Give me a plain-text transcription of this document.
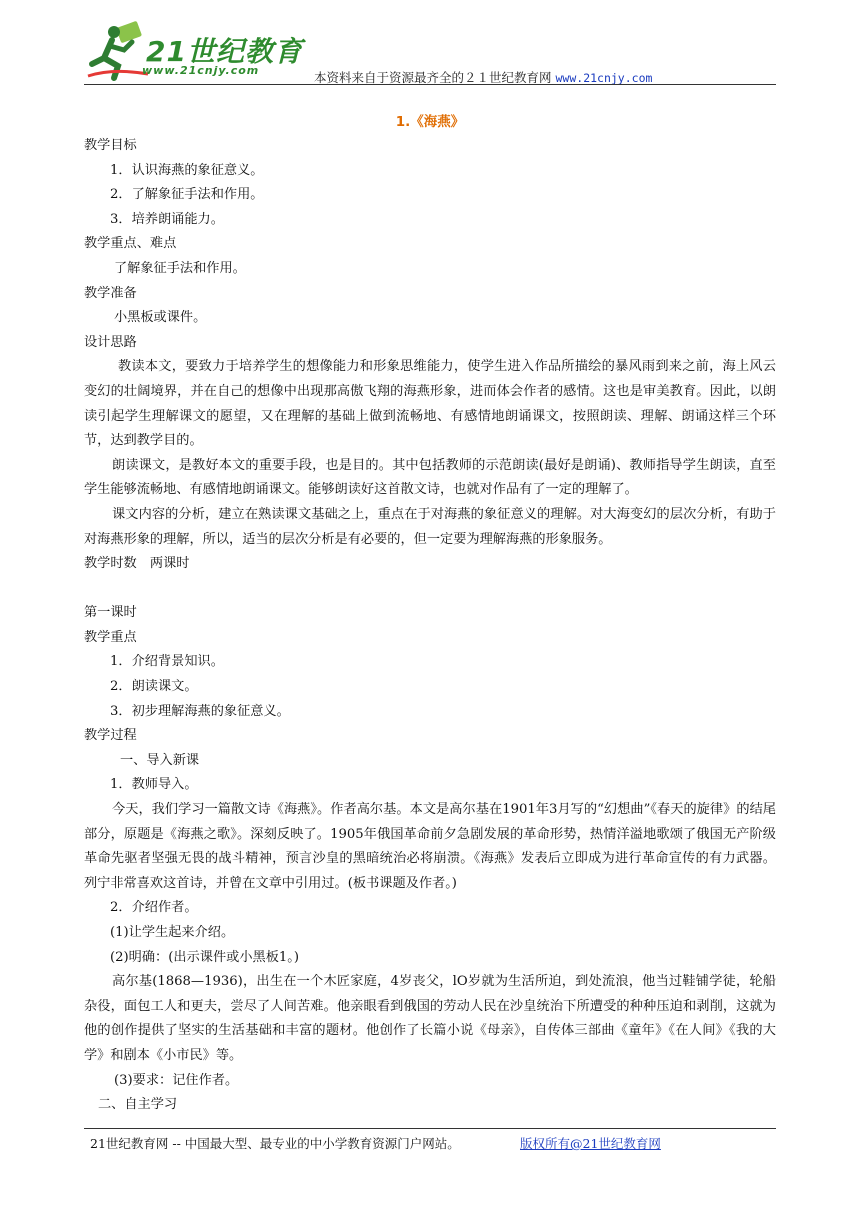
21世纪教育
www.21cnjy.com	本资料来自于资源最齐全的２１世纪教育网 www.21cnjy.com
1.《海燕》
教学目标
1．认识海燕的象征意义。
2．了解象征手法和作用。
3．培养朗诵能力。
教学重点、难点
了解象征手法和作用。
教学准备
小黑板或课件。
设计思路
教读本文，要致力于培养学生的想像能力和形象思维能力，使学生进入作品所描绘的暴风雨到来之前，海上风云变幻的壮阔境界，并在自己的想像中出现那高傲飞翔的海燕形象，进而体会作者的感情。这也是审美教育。因此，以朗读引起学生理解课文的愿望，又在理解的基础上做到流畅地、有感情地朗诵课文，按照朗读、理解、朗诵这样三个环节，达到教学目的。
朗读课文，是教好本文的重要手段，也是目的。其中包括教师的示范朗读(最好是朗诵)、教师指导学生朗读，直至学生能够流畅地、有感情地朗诵课文。能够朗读好这首散文诗，也就对作品有了一定的理解了。
课文内容的分析，建立在熟读课文基础之上，重点在于对海燕的象征意义的理解。对大海变幻的层次分析，有助于对海燕形象的理解，所以，适当的层次分析是有必要的，但一定要为理解海燕的形象服务。
教学时数　两课时
第一课时
教学重点
1．介绍背景知识。
2．朗读课文。
3．初步理解海燕的象征意义。
教学过程
一、导入新课
1．教师导入。
今天，我们学习一篇散文诗《海燕》。作者高尔基。本文是高尔基在1901年3月写的“幻想曲”《春天的旋律》的结尾部分，原题是《海燕之歌》。深刻反映了。1905年俄国革命前夕急剧发展的革命形势，热情洋溢地歌颂了俄国无产阶级革命先驱者坚强无畏的战斗精神，预言沙皇的黑暗统治必将崩溃。《海燕》发表后立即成为进行革命宣传的有力武器。列宁非常喜欢这首诗，并曾在文章中引用过。(板书课题及作者。)
2．介绍作者。
(1)让学生起来介绍。
(2)明确：(出示课件或小黑板1。)
高尔基(1868—1936)，出生在一个木匠家庭，4岁丧父，lO岁就为生活所迫，到处流浪，他当过鞋铺学徒，轮船杂役，面包工人和更夫，尝尽了人间苦难。他亲眼看到俄国的劳动人民在沙皇统治下所遭受的种种压迫和剥削，这就为他的创作提供了坚实的生活基础和丰富的题材。他创作了长篇小说《母亲》，自传体三部曲《童年》《在人间》《我的大学》和剧本《小市民》等。
(3)要求：记住作者。
二、自主学习
21世纪教育网 -- 中国最大型、最专业的中小学教育资源门户网站。	版权所有@21世纪教育网
